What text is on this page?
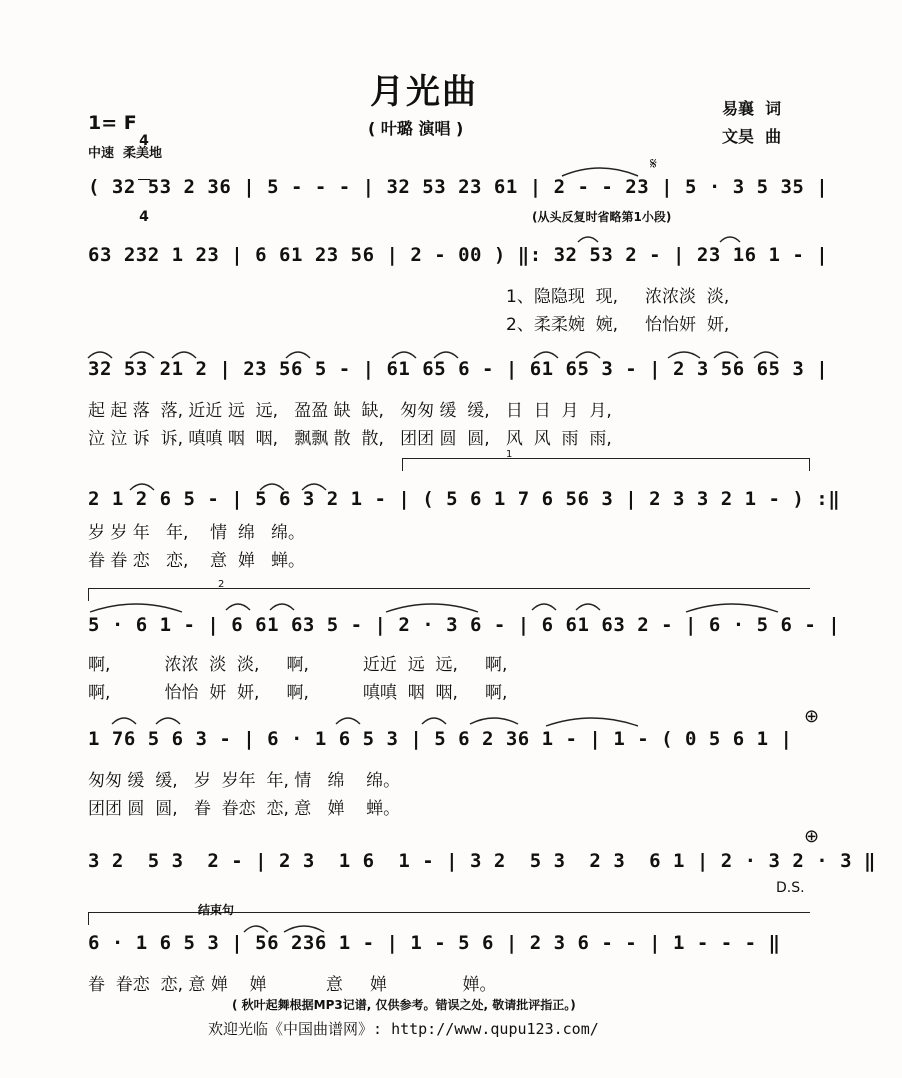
月光曲
( 叶璐 演唱 )
易襄  词
文昊  曲
1= F

4

4

中速  柔美地
𝄋
( 32 53 2 36 | 5 - - - | 32 53 23 61 | 2 - - 23 | 5 · 3 5 35 |
(从头反复时省略第1小段)
63 232 1 23 | 6 61 23 56 | 2 - 00 ) ‖: 32 53 2 - | 23 16 1 - |
1、隐隐现  现,     浓浓淡  淡,
2、柔柔婉  婉,     怡怡妍  妍,
32 53 21 2 | 23 56 5 - | 61 65 6 - | 61 65 3 - | 2 3 56 65 3 |
起 起 落  落, 近近 远  远,   盈盈 缺  缺,   匆匆 缓  缓,   日  日  月  月,
泣 泣 诉  诉, 嗔嗔 咽  咽,   飘飘 散  散,   团团 圆  圆,   风  风  雨  雨,
1
2 1 2 6 5 - | 5 6 3 2 1 - | ( 5 6 1 7 6 56 3 | 2 3 3 2 1 - ) :‖
岁 岁 年   年,    情  绵   绵。
眷 眷 恋   恋,    意  婵   蝉。
2
5 · 6 1 - | 6 61 63 5 - | 2 · 3 6 - | 6 61 63 2 - | 6 · 5 6 - |
啊,          浓浓  淡  淡,     啊,          近近  远  远,     啊,
啊,          怡怡  妍  妍,     啊,          嗔嗔  咽  咽,     啊,
⊕
1 76 5 6 3 - | 6 · 1 6 5 3 | 5 6 2 36 1 - | 1 - ( 0 5 6 1 |
匆匆 缓  缓,   岁  岁年  年, 情   绵    绵。
团团 圆  圆,   眷  眷恋  恋, 意   婵    蝉。
⊕
3 2  5 3  2 - | 2 3  1 6  1 - | 3 2  5 3  2 3  6 1 | 2 · 3 2 · 3 ‖
D.S.
结束句
6 · 1 6 5 3 | 56 236 1 - | 1 - 5 6 | 2 3 6 - - | 1 - - - ‖
眷  眷恋  恋, 意 婵    婵           意     婵              婵。
( 秋叶起舞根据MP3记谱, 仅供参考。错误之处, 敬请批评指正。)
欢迎光临《中国曲谱网》: http://www.qupu123.com/
